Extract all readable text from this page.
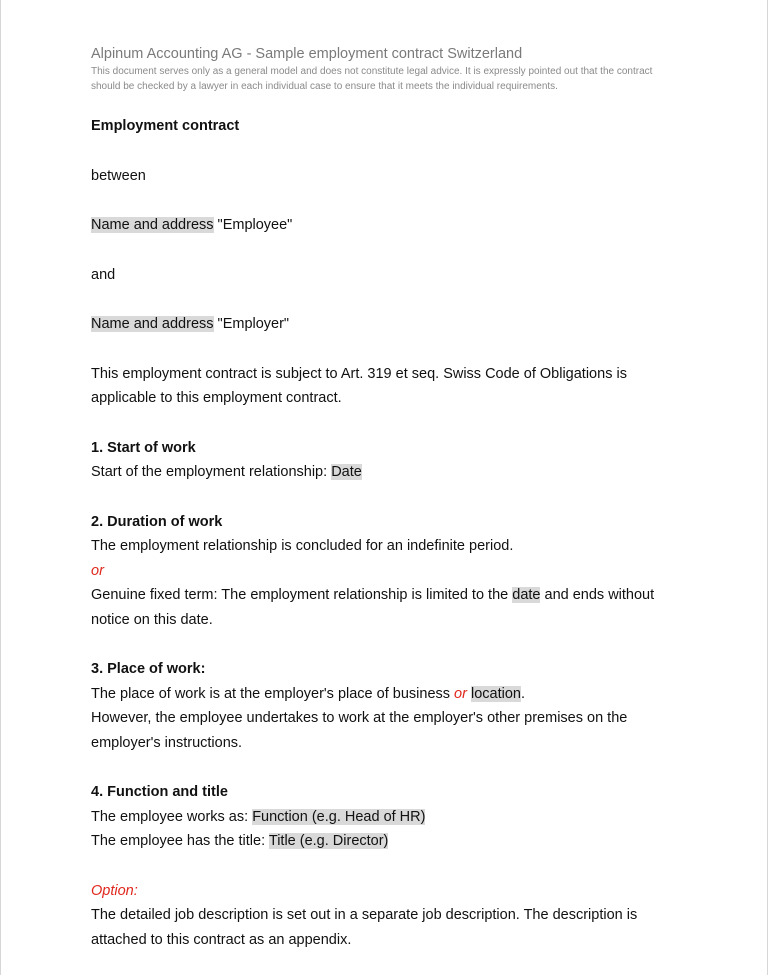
Alpinum Accounting AG - Sample employment contract Switzerland

This document serves only as a general model and does not constitute legal advice. It is expressly pointed out that the contract should be checked by a lawyer in each individual case to ensure that it meets the individual requirements.

Employment contract

between

Name and address "Employee"

and

Name and address "Employer"

This employment contract is subject to Art. 319 et seq. Swiss Code of Obligations is applicable to this employment contract.

1. Start of work

Start of the employment relationship: Date

2. Duration of work

The employment relationship is concluded for an indefinite period.

or

Genuine fixed term: The employment relationship is limited to the date and ends without notice on this date.

3. Place of work:

The place of work is at the employer's place of business or location.

However, the employee undertakes to work at the employer's other premises on the employer's instructions.

4. Function and title

The employee works as: Function (e.g. Head of HR)

The employee has the title: Title (e.g. Director)

Option:

The detailed job description is set out in a separate job description. The description is attached to this contract as an appendix.
